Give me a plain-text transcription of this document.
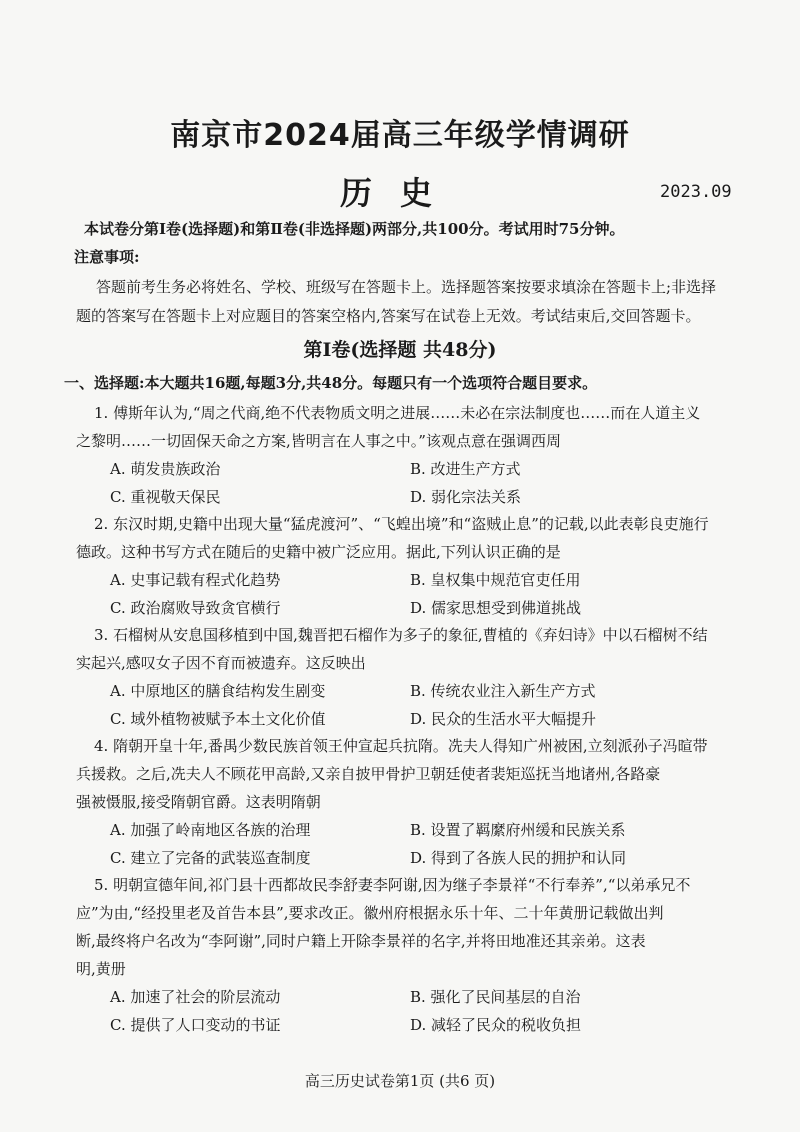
南京市2024届高三年级学情调研
历史	2023.09
本试卷分第Ⅰ卷(选择题)和第Ⅱ卷(非选择题)两部分,共100分。考试用时75分钟。
注意事项:
答题前考生务必将姓名、学校、班级写在答题卡上。选择题答案按要求填涂在答题卡上;非选择
题的答案写在答题卡上对应题目的答案空格内,答案写在试卷上无效。考试结束后,交回答题卡。
第Ⅰ卷(选择题 共48分)
一、选择题:本大题共16题,每题3分,共48分。每题只有一个选项符合题目要求。
1. 傅斯年认为,“周之代商,绝不代表物质文明之进展……未必在宗法制度也……而在人道主义
之黎明……一切固保天命之方案,皆明言在人事之中。”该观点意在强调西周
A. 萌发贵族政治	B. 改进生产方式
C. 重视敬天保民	D. 弱化宗法关系
2. 东汉时期,史籍中出现大量“猛虎渡河”、“飞蝗出境”和“盗贼止息”的记载,以此表彰良吏施行
德政。这种书写方式在随后的史籍中被广泛应用。据此,下列认识正确的是
A. 史事记载有程式化趋势	B. 皇权集中规范官吏任用
C. 政治腐败导致贪官横行	D. 儒家思想受到佛道挑战
3. 石榴树从安息国移植到中国,魏晋把石榴作为多子的象征,曹植的《弃妇诗》中以石榴树不结
实起兴,感叹女子因不育而被遗弃。这反映出
A. 中原地区的膳食结构发生剧变	B. 传统农业注入新生产方式
C. 域外植物被赋予本土文化价值	D. 民众的生活水平大幅提升
4. 隋朝开皇十年,番禺少数民族首领王仲宣起兵抗隋。冼夫人得知广州被困,立刻派孙子冯暄带
兵援救。之后,冼夫人不顾花甲高龄,又亲自披甲骨护卫朝廷使者裴矩巡抚当地诸州,各路豪
强被慑服,接受隋朝官爵。这表明隋朝
A. 加强了岭南地区各族的治理	B. 设置了羁縻府州缓和民族关系
C. 建立了完备的武装巡查制度	D. 得到了各族人民的拥护和认同
5. 明朝宣德年间,祁门县十西都故民李舒妻李阿谢,因为继子李景祥“不行奉养”,“以弟承兄不
应”为由,“经投里老及首告本县”,要求改正。徽州府根据永乐十年、二十年黄册记载做出判
断,最终将户名改为“李阿谢”,同时户籍上开除李景祥的名字,并将田地准还其亲弟。这表
明,黄册
A. 加速了社会的阶层流动	B. 强化了民间基层的自治
C. 提供了人口变动的书证	D. 减轻了民众的税收负担
高三历史试卷第1页 (共6 页)
